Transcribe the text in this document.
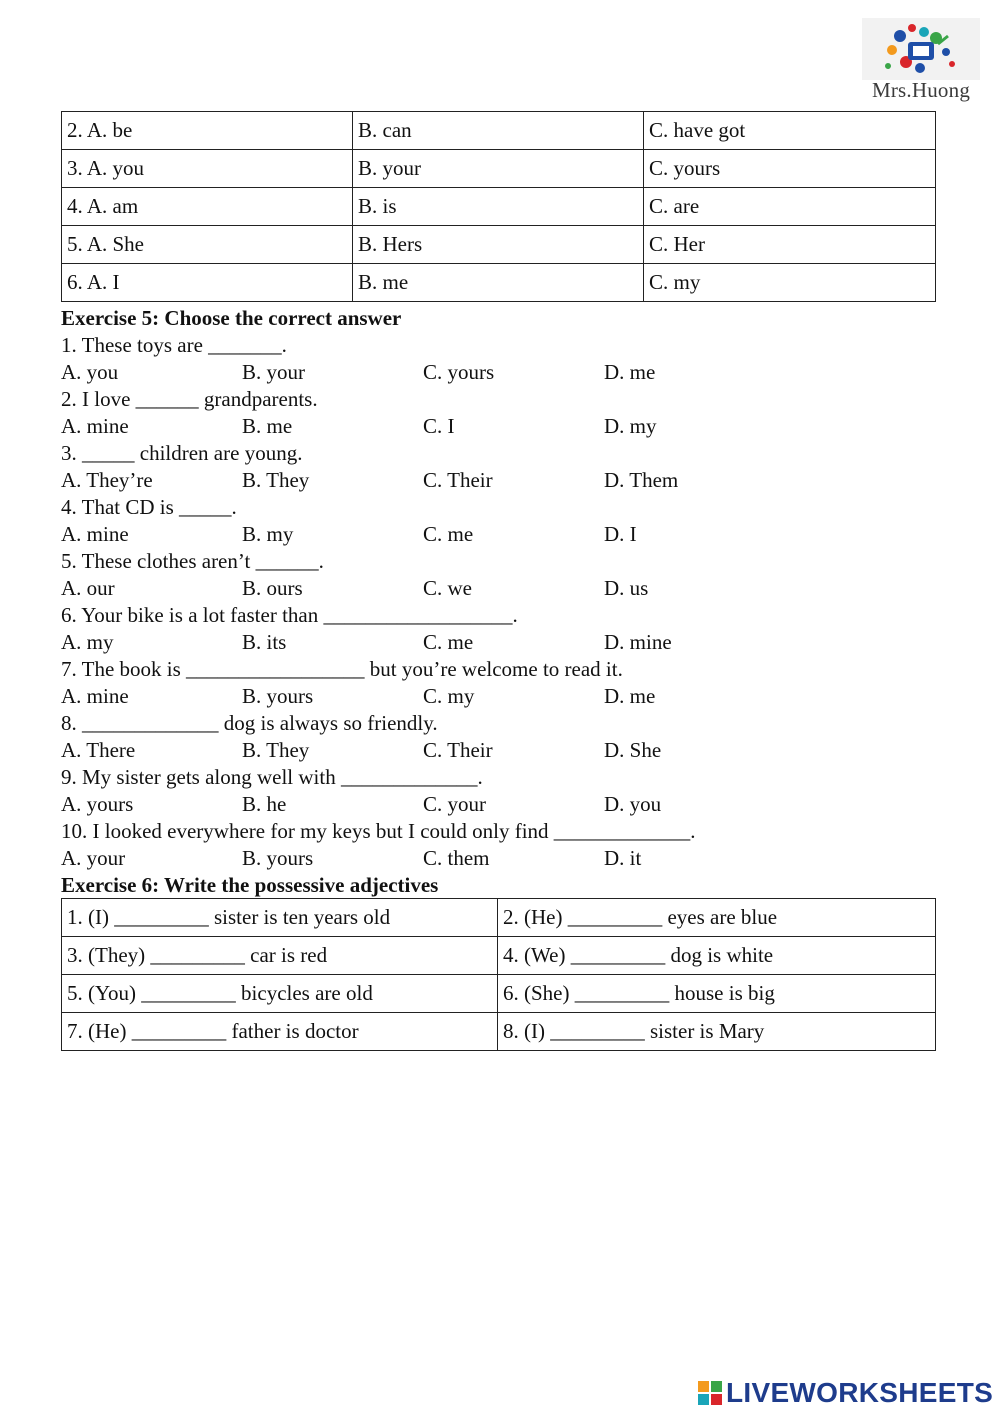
Mrs.Huong
2. A. be	B. can	C. have got
3. A. you	B. your	C. yours
4. A. am	B. is	C. are
5. A. She	B. Hers	C. Her
6. A. I	B. me	C. my
Exercise 5: Choose the correct answer
1. These toys are _______.
A. you	B. your	C. yours	D. me
2. I love ______ grandparents.
A. mine	B. me	C. I	D. my
3. _____ children are young.
A. They’re	B. They	C. Their	D. Them
4. That CD is _____.
A. mine	B. my	C. me	D. I
5. These clothes aren’t ______.
A. our	B. ours	C. we	D. us
6. Your bike is a lot faster than __________________.
A. my	B. its	C. me	D. mine
7. The book is _________________ but you’re welcome to read it.
A. mine	B. yours	C. my	D. me
8. _____________ dog is always so friendly.
A. There	B. They	C. Their	D. She
9. My sister gets along well with _____________.
A. yours	B. he	C. your	D. you
10. I looked everywhere for my keys but I could only find _____________.
A. your	B. yours	C. them	D. it
Exercise 6: Write the possessive adjectives
1. (I) _________ sister is ten years old	2. (He) _________ eyes are blue
3. (They) _________ car is red	4. (We) _________ dog is white
5. (You) _________ bicycles are old	6. (She) _________ house is big
7. (He) _________ father is doctor	8. (I) _________ sister is Mary
LIVEWORKSHEETS
